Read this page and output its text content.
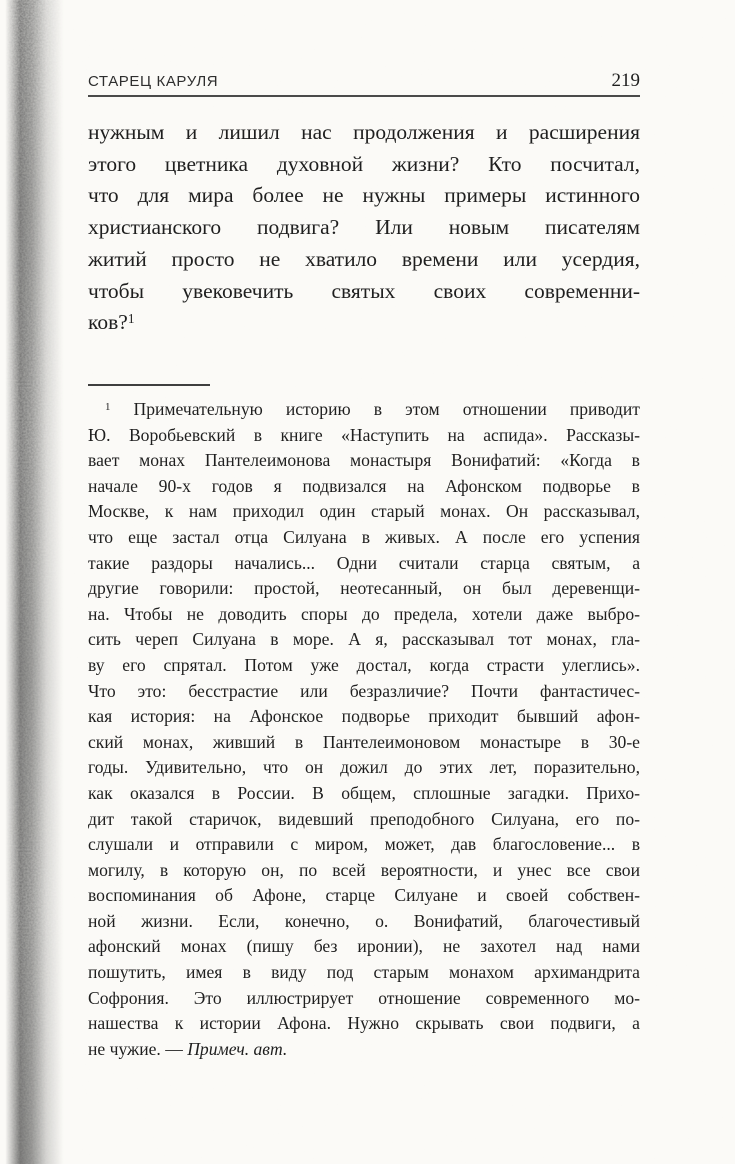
СТАРЕЦ КАРУЛЯ	219
нужным и лишил нас продолжения и расширения
этого цветника духовной жизни? Кто посчитал,
что для мира более не нужны примеры истинного
христианского подвига? Или новым писателям
житий просто не хватило времени или усердия,
чтобы увековечить святых своих современни-
ков?$^1$
$^1$ Примечательную историю в этом отношении приводит
Ю. Воробьевский в книге «Наступить на аспида». Рассказы-
вает монах Пантелеимонова монастыря Вонифатий: «Когда в
начале 90-х годов я подвизался на Афонском подворье в
Москве, к нам приходил один старый монах. Он рассказывал,
что еще застал отца Силуана в живых. А после его успения
такие раздоры начались... Одни считали старца святым, а
другие говорили: простой, неотесанный, он был деревенщи-
на. Чтобы не доводить споры до предела, хотели даже выбро-
сить череп Силуана в море. А я, рассказывал тот монах, гла-
ву его спрятал. Потом уже достал, когда страсти улеглись».
Что это: бесстрастие или безразличие? Почти фантастичес-
кая история: на Афонское подворье приходит бывший афон-
ский монах, живший в Пантелеимоновом монастыре в 30-е
годы. Удивительно, что он дожил до этих лет, поразительно,
как оказался в России. В общем, сплошные загадки. Прихо-
дит такой старичок, видевший преподобного Силуана, его по-
слушали и отправили с миром, может, дав благословение... в
могилу, в которую он, по всей вероятности, и унес все свои
воспоминания об Афоне, старце Силуане и своей собствен-
ной жизни. Если, конечно, о. Вонифатий, благочестивый
афонский монах (пишу без иронии), не захотел над нами
пошутить, имея в виду под старым монахом архимандрита
Софрония. Это иллюстрирует отношение современного мо-
нашества к истории Афона. Нужно скрывать свои подвиги, а
не чужие. — Примеч. авт.
